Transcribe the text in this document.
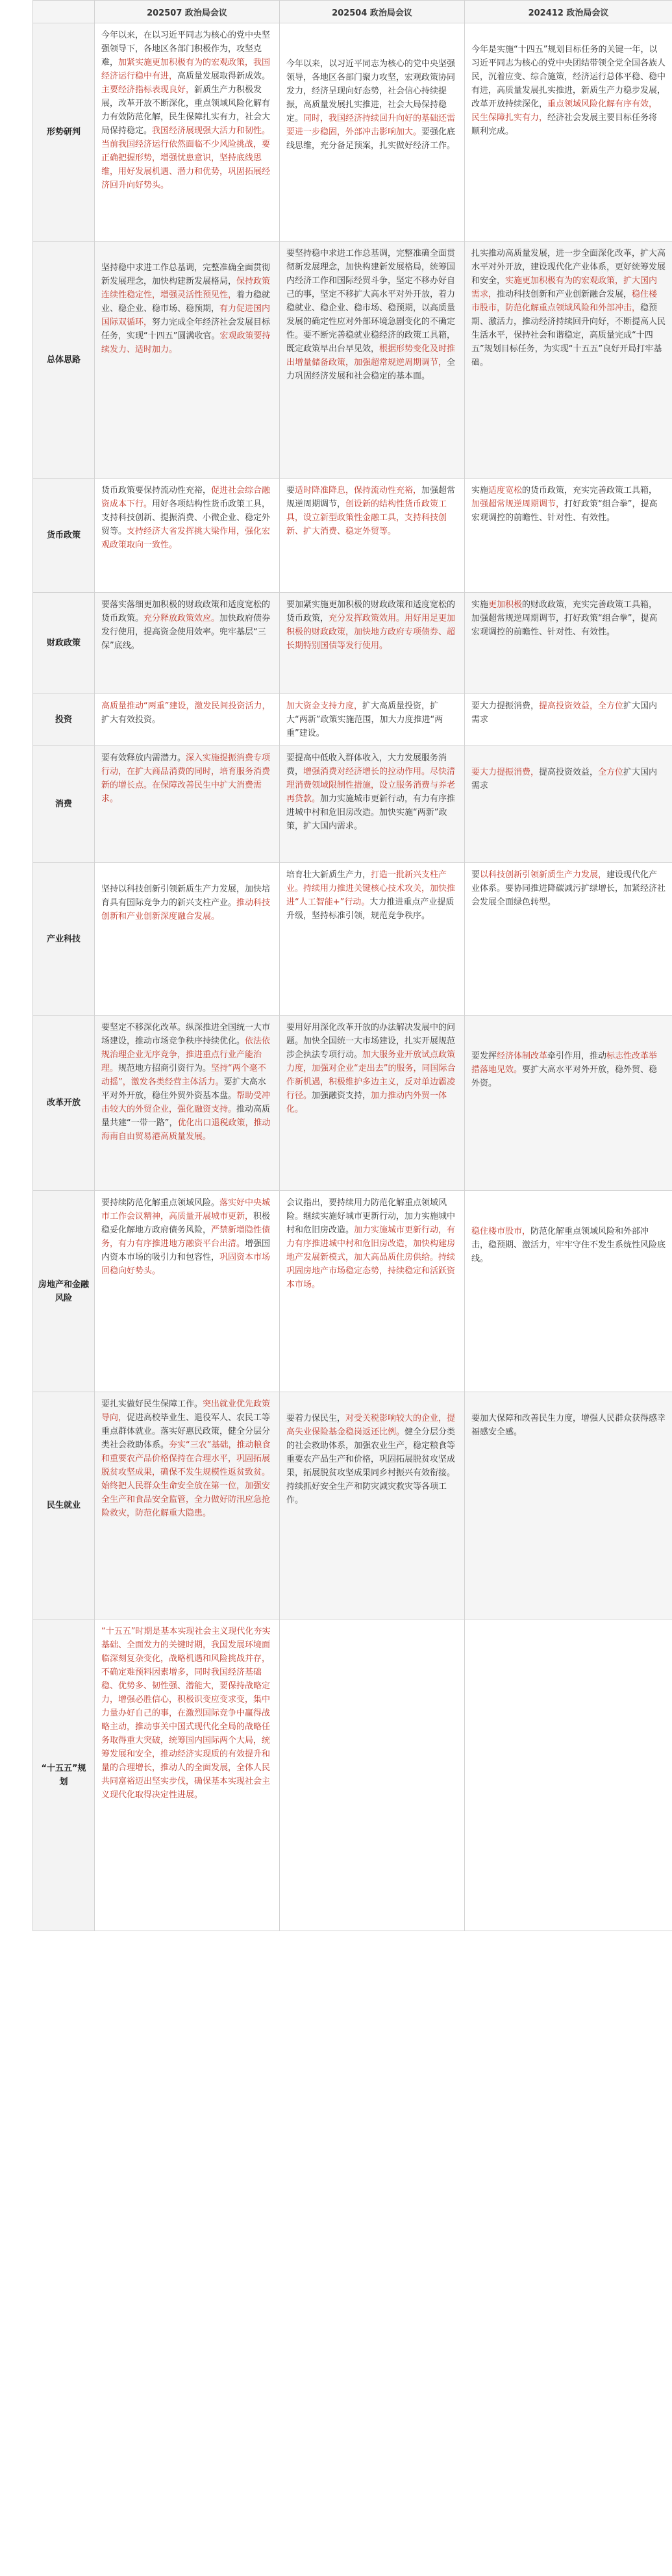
	202507 政治局会议	202504 政治局会议	202412 政治局会议
形势研判	今年以来，在以习近平同志为核心的党中央坚强领导下，各地区各部门积极作为，攻坚克难，加紧实施更加积极有为的宏观政策，我国经济运行稳中有进，高质量发展取得新成效。主要经济指标表现良好，新质生产力积极发展，改革开放不断深化，重点领域风险化解有力有效防范化解，民生保障扎实有力，社会大局保持稳定。我国经济展现强大活力和韧性。当前我国经济运行依然面临不少风险挑战，要正确把握形势，增强忧患意识，坚持底线思维，用好发展机遇、潜力和优势，巩固拓展经济回升向好势头。	今年以来，以习近平同志为核心的党中央坚强领导，各地区各部门聚力攻坚，宏观政策协同发力，经济呈现向好态势，社会信心持续提振，高质量发展扎实推进，社会大局保持稳定。同时，我国经济持续回升向好的基础还需要进一步稳固，外部冲击影响加大。要强化底线思维，充分备足预案，扎实做好经济工作。	今年是实施“十四五”规划目标任务的关键一年，以习近平同志为核心的党中央团结带领全党全国各族人民，沉着应变、综合施策，经济运行总体平稳、稳中有进，高质量发展扎实推进，新质生产力稳步发展，改革开放持续深化，重点领域风险化解有序有效，民生保障扎实有力，经济社会发展主要目标任务将顺利完成。
总体思路	坚持稳中求进工作总基调，完整准确全面贯彻新发展理念，加快构建新发展格局，保持政策连续性稳定性，增强灵活性预见性，着力稳就业、稳企业、稳市场、稳预期，有力促进国内国际双循环，努力完成全年经济社会发展目标任务，实现“十四五”圆满收官。宏观政策要持续发力、适时加力。	要坚持稳中求进工作总基调，完整准确全面贯彻新发展理念，加快构建新发展格局，统筹国内经济工作和国际经贸斗争，坚定不移办好自己的事，坚定不移扩大高水平对外开放，着力稳就业、稳企业、稳市场、稳预期，以高质量发展的确定性应对外部环境急剧变化的不确定性。要不断完善稳就业稳经济的政策工具箱，既定政策早出台早见效，根据形势变化及时推出增量储备政策，加强超常规逆周期调节，全力巩固经济发展和社会稳定的基本面。	扎实推动高质量发展，进一步全面深化改革，扩大高水平对外开放，建设现代化产业体系，更好统筹发展和安全，实施更加积极有为的宏观政策，扩大国内需求，推动科技创新和产业创新融合发展，稳住楼市股市，防范化解重点领域风险和外部冲击，稳预期、激活力，推动经济持续回升向好，不断提高人民生活水平，保持社会和谐稳定，高质量完成“十四五”规划目标任务，为实现“十五五”良好开局打牢基础。
货币政策	货币政策要保持流动性充裕，促进社会综合融资成本下行。用好各项结构性货币政策工具，支持科技创新、提振消费、小微企业、稳定外贸等。支持经济大省发挥挑大梁作用，强化宏观政策取向一致性。	要适时降准降息，保持流动性充裕，加强超常规逆周期调节，创设新的结构性货币政策工具，设立新型政策性金融工具，支持科技创新、扩大消费、稳定外贸等。	实施适度宽松的货币政策，充实完善政策工具箱，加强超常规逆周期调节，打好政策“组合拳”，提高宏观调控的前瞻性、针对性、有效性。
财政政策	要落实落细更加积极的财政政策和适度宽松的货币政策。充分释放政策效应。加快政府债券发行使用，提高资金使用效率。兜牢基层“三保”底线。	要加紧实施更加积极的财政政策和适度宽松的货币政策，充分发挥政策效用。用好用足更加积极的财政政策，加快地方政府专项债券、超长期特别国债等发行使用。	实施更加积极的财政政策，充实完善政策工具箱，加强超常规逆周期调节，打好政策“组合拳”，提高宏观调控的前瞻性、针对性、有效性。
投资	高质量推动“两重”建设，激发民间投资活力，扩大有效投资。	加大资金支持力度，扩大高质量投资，扩大“两新”政策实施范围，加大力度推进“两重”建设。	要大力提振消费，提高投资效益，全方位扩大国内需求
消费	要有效释放内需潜力。深入实施提振消费专项行动，在扩大商品消费的同时，培育服务消费新的增长点。在保障改善民生中扩大消费需求。	要提高中低收入群体收入，大力发展服务消费，增强消费对经济增长的拉动作用。尽快清理消费领域限制性措施，设立服务消费与养老再贷款。加力实施城市更新行动，有力有序推进城中村和危旧房改造。加快实施“两新”政策，扩大国内需求。	要大力提振消费，提高投资效益，全方位扩大国内需求
产业科技	坚持以科技创新引领新质生产力发展，加快培育具有国际竞争力的新兴支柱产业。推动科技创新和产业创新深度融合发展。	培育壮大新质生产力，打造一批新兴支柱产业。持续用力推进关键核心技术攻关，加快推进“人工智能+”行动。大力推进重点产业提质升级，坚持标准引领，规范竞争秩序。	要以科技创新引领新质生产力发展，建设现代化产业体系。要协同推进降碳减污扩绿增长，加紧经济社会发展全面绿色转型。
改革开放	要坚定不移深化改革。纵深推进全国统一大市场建设，推动市场竞争秩序持续优化。依法依规治理企业无序竞争，推进重点行业产能治理。规范地方招商引资行为。坚持“两个毫不动摇”，激发各类经营主体活力。要扩大高水平对外开放，稳住外贸外资基本盘。帮助受冲击较大的外贸企业，强化融资支持。推动高质量共建“一带一路”，优化出口退税政策，推动海南自由贸易港高质量发展。	要用好用深化改革开放的办法解决发展中的问题。加快全国统一大市场建设，扎实开展规范涉企执法专项行动。加大服务业开放试点政策力度，加强对企业“走出去”的服务，同国际合作新机遇，积极维护多边主义，反对单边霸凌行径。加强融资支持，加力推动内外贸一体化。	要发挥经济体制改革牵引作用，推动标志性改革举措落地见效。要扩大高水平对外开放，稳外贸、稳外资。
房地产和金融风险	要持续防范化解重点领域风险。落实好中央城市工作会议精神，高质量开展城市更新，积极稳妥化解地方政府债务风险，严禁新增隐性债务，有力有序推进地方融资平台出清。增强国内资本市场的吸引力和包容性，巩固资本市场回稳向好势头。	会议指出，要持续用力防范化解重点领域风险。继续实施好城市更新行动，加力实施城中村和危旧房改造。加力实施城市更新行动，有力有序推进城中村和危旧房改造，加快构建房地产发展新模式，加大高品质住房供给。持续巩固房地产市场稳定态势，持续稳定和活跃资本市场。	稳住楼市股市，防范化解重点领域风险和外部冲击，稳预期、激活力，牢牢守住不发生系统性风险底线。
民生就业	要扎实做好民生保障工作。突出就业优先政策导向，促进高校毕业生、退役军人、农民工等重点群体就业。落实好惠民政策，健全分层分类社会救助体系。夯实“三农”基础，推动粮食和重要农产品价格保持在合理水平，巩固拓展脱贫攻坚成果，确保不发生规模性返贫致贫。始终把人民群众生命安全放在第一位，加强安全生产和食品安全监管，全力做好防汛应急抢险救灾，防范化解重大隐患。	要着力保民生，对受关税影响较大的企业，提高失业保险基金稳岗返还比例。健全分层分类的社会救助体系，加强农业生产，稳定粮食等重要农产品生产和价格，巩固拓展脱贫攻坚成果，拓展脱贫攻坚成果同乡村振兴有效衔接。持续抓好安全生产和防灾减灾救灾等各项工作。	要加大保障和改善民生力度，增强人民群众获得感幸福感安全感。
“十五五”规划	“十五五”时期是基本实现社会主义现代化夯实基础、全面发力的关键时期，我国发展环境面临深刻复杂变化，战略机遇和风险挑战并存，不确定难预料因素增多，同时我国经济基础稳、优势多、韧性强、潜能大，要保持战略定力，增强必胜信心，积极识变应变求变，集中力量办好自己的事，在激烈国际竞争中赢得战略主动，推动事关中国式现代化全局的战略任务取得重大突破，统筹国内国际两个大局，统筹发展和安全，推动经济实现质的有效提升和量的合理增长，推动人的全面发展，全体人民共同富裕迈出坚实步伐，确保基本实现社会主义现代化取得决定性进展。		
